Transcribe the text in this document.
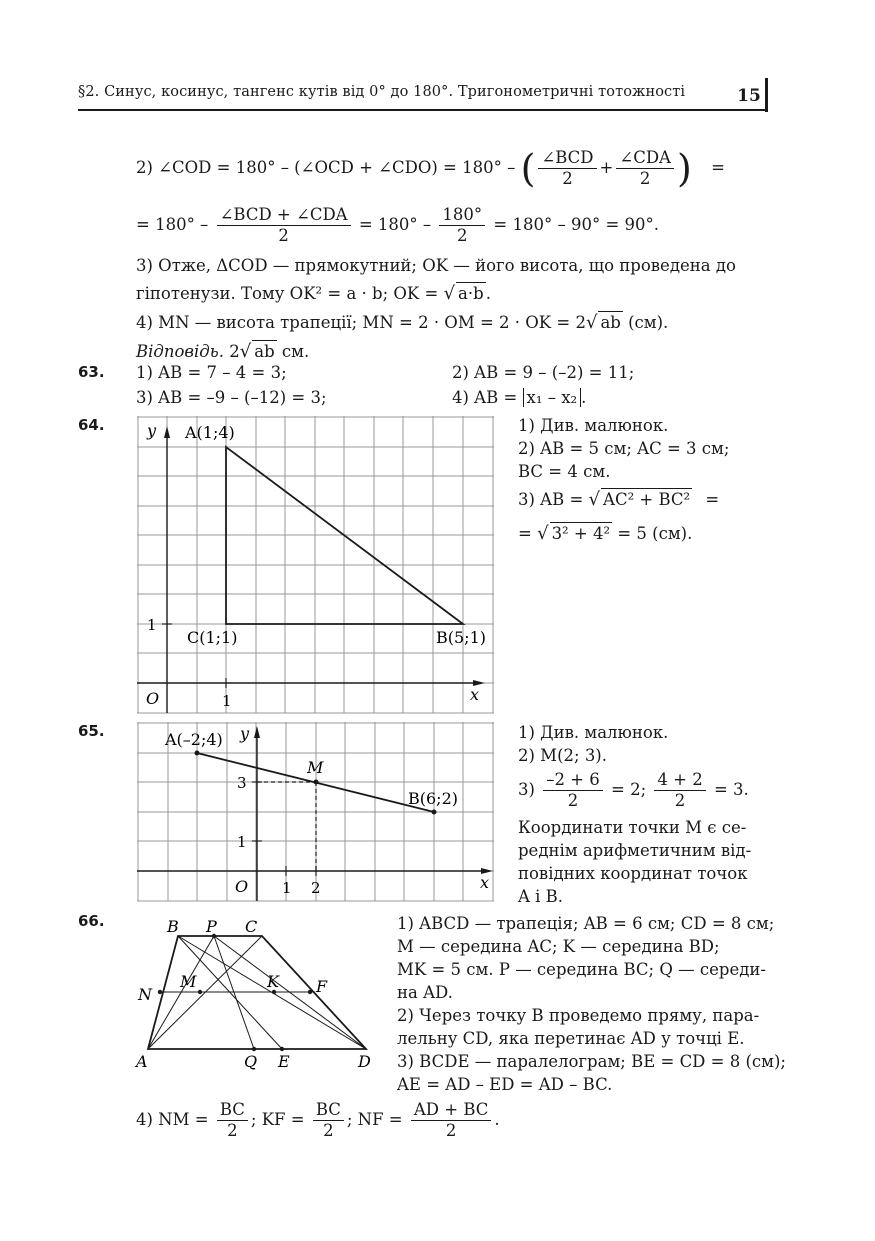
§2. Синус, косинус, тангенс кутів від 0° до 180°. Тригонометричні тотожності	15
2) ∠COD = 180° – (∠OCD + ∠CDO) = 180° – ( $\frac{\text{∠BCD}}{2} + \frac{\text{∠CDA}}{2}$ ) =
= $180^\circ - \frac{\text{∠BCD + ∠CDA}}{2} = 180^\circ - \frac{180^\circ}{2} = 180^\circ - 90^\circ = 90^\circ$.
3) Отже, ΔCOD — прямокутний; OK — його висота, що проведена до
гіпотенузи. Тому OK² = a · b; OK = √ a·b .
4) MN — висота трапеції; MN = 2 · OM = 2 · OK = 2√ ab (см).
Відповідь. 2√ ab см.
63. 1) AB = 7 – 4 = 3;	2) AB = 9 – (–2) = 11;
3) AB = –9 – (–12) = 3;	4) AB = x₁ – x₂ .
64.	y
x
O
1
1
A(1;4)
B(5;1)
C(1;1)
1) Див. малюнок.
2) AB = 5 см; AC = 3 см;
BC = 4 см.
3) AB = √ AC² + BC² =
= √ 3² + 4² = 5 (см).
65.	y
x
O 1 2
1
3
A(–2;4)
M
B(6;2)
1) Див. малюнок.
2) M(2; 3).
$3) \frac{-2 + 6}{2} = 2$; $\frac{4 + 2}{2} = 3$.
Координати точки M є се-
реднім арифметичним від-
повідних координат точок
A і B.
66.	B P C
N
M	K F
A	Q E	D
1) ABCD — трапеція; AB = 6 см; CD = 8 см;
M — середина AC; K — середина BD;
MK = 5 см. P — середина BC; Q — середи-
на AD.
2) Через точку B проведемо пряму, пара-
лельну CD, яка перетинає AD у точці E.
3) BCDE — паралелограм; BE = CD = 8 (см);
AE = AD – ED = AD – BC.
4) NM = $\frac{BC}{2}$ ; KF = $\frac{BC}{2}$ ; NF = $\frac{AD + BC}{2}$ .
